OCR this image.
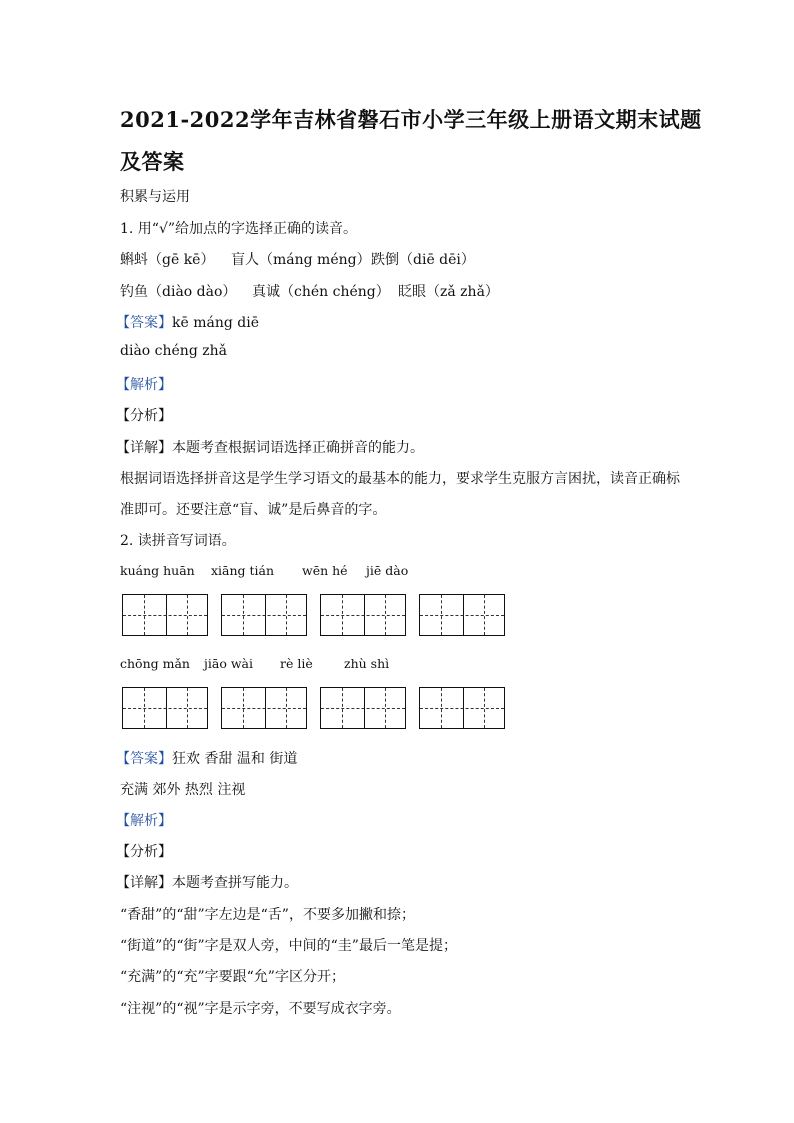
2021-2022学年吉林省磐石市小学三年级上册语文期末试题
及答案
积累与运用
1. 用“√”给加点的字选择正确的读音。
蝌蚪（gē kē） 盲人（máng méng） 跌倒（diē dēi）
钓鱼（diào dào） 真诚（chén chéng） 眨眼（zǎ zhǎ）
【答案】kē máng diē
diào chéng zhǎ
【解析】
【分析】
【详解】本题考查根据词语选择正确拼音的能力。
根据词语选择拼音这是学生学习语文的最基本的能力，要求学生克服方言困扰，读音正确标
准即可。还要注意“盲、诚”是后鼻音的字。
2. 读拼音写词语。
kuáng huān xiāng tián wēn hé jiē dào
chōng mǎn jiāo wài rè liè	zhù shì
【答案】狂欢 香甜 温和 街道
充满 郊外 热烈 注视
【解析】
【分析】
【详解】本题考查拼写能力。
“香甜”的“甜”字左边是“舌”，不要多加撇和捺；
“街道”的“街”字是双人旁，中间的“圭”最后一笔是提；
“充满”的“充”字要跟“允”字区分开；
“注视”的“视”字是示字旁，不要写成衣字旁。
